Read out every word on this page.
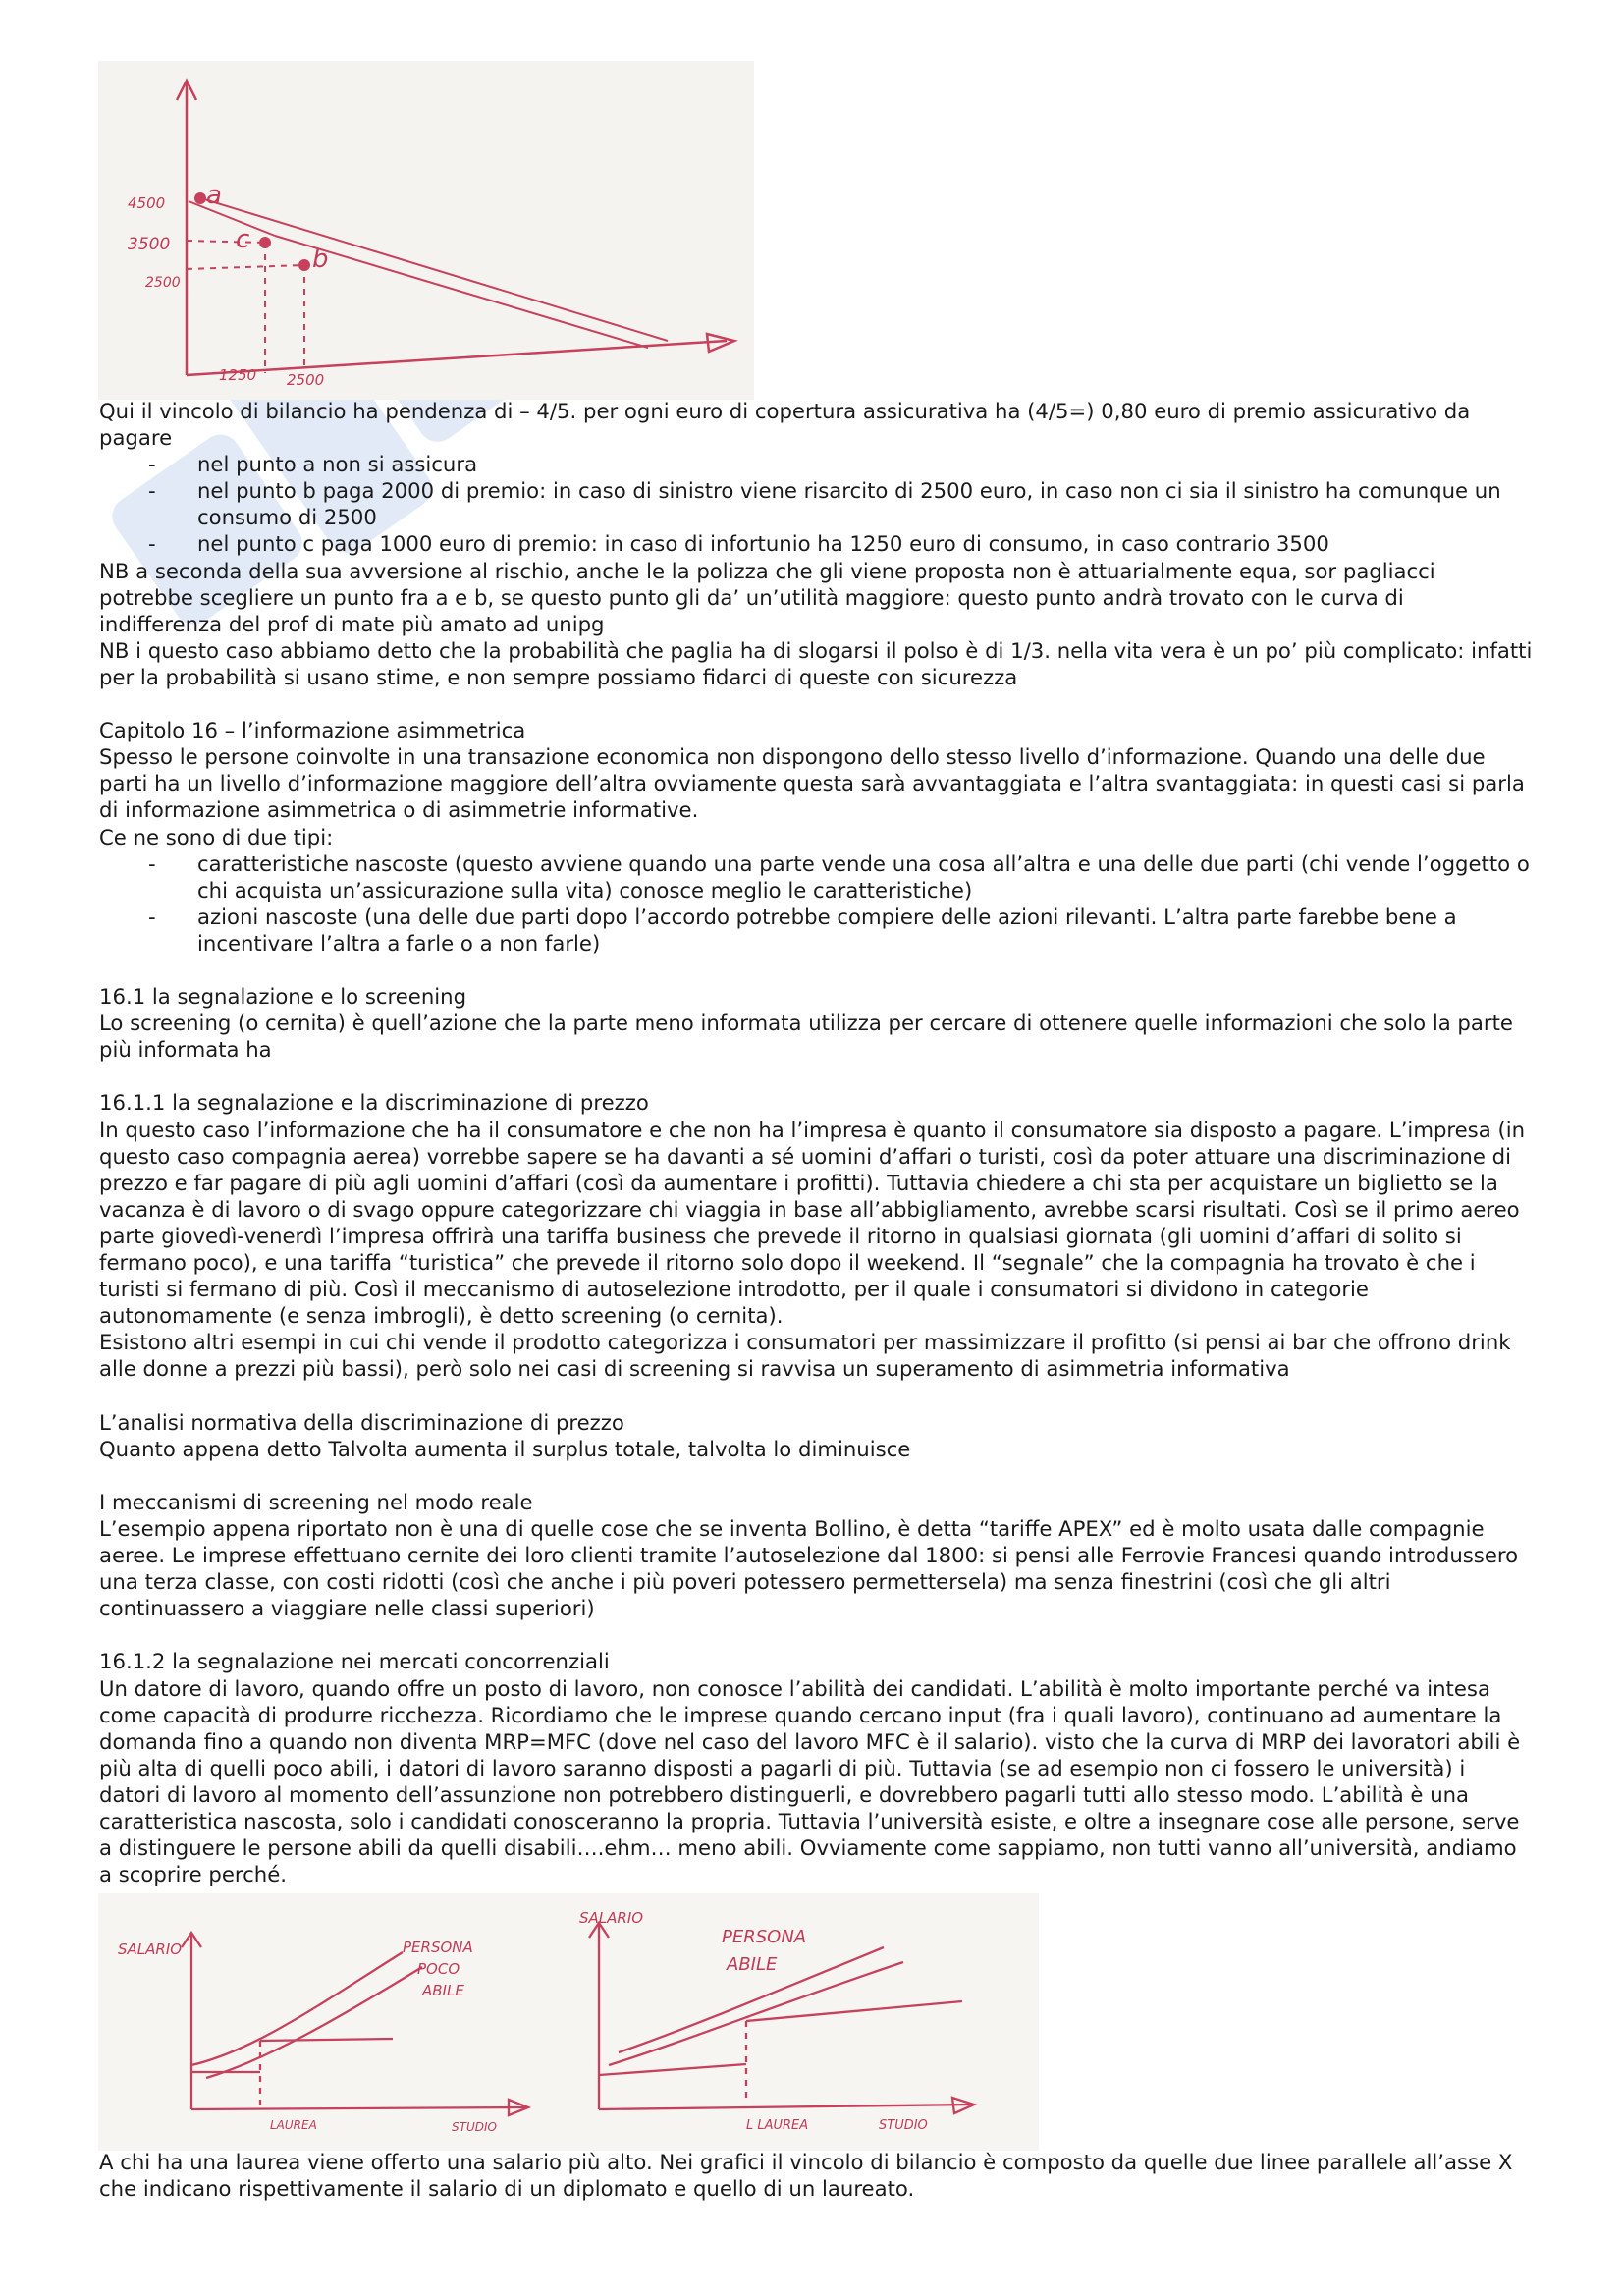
a
b
c
4500
3500
2500
1250 2500

Qui il vincolo di bilancio ha pendenza di – 4/5. per ogni euro di copertura assicurativa ha (4/5=) 0,80 euro di premio assicurativo da pagare

- nel punto a non si assicura

- nel punto b paga 2000 di premio: in caso di sinistro viene risarcito di 2500 euro, in caso non ci sia il sinistro ha comunque un consumo di 2500

- nel punto c paga 1000 euro di premio: in caso di infortunio ha 1250 euro di consumo, in caso contrario 3500

NB a seconda della sua avversione al rischio, anche le la polizza che gli viene proposta non è attuarialmente equa, sor pagliacci potrebbe scegliere un punto fra a e b, se questo punto gli da’ un’utilità maggiore: questo punto andrà trovato con le curva di indifferenza del prof di mate più amato ad unipg

NB i questo caso abbiamo detto che la probabilità che paglia ha di slogarsi il polso è di 1/3. nella vita vera è un po’ più complicato: infatti per la probabilità si usano stime, e non sempre possiamo fidarci di queste con sicurezza

Capitolo 16 – l’informazione asimmetrica

Spesso le persone coinvolte in una transazione economica non dispongono dello stesso livello d’informazione. Quando una delle due parti ha un livello d’informazione maggiore dell’altra ovviamente questa sarà avvantaggiata e l’altra svantaggiata: in questi casi si parla di informazione asimmetrica o di asimmetrie informative.

Ce ne sono di due tipi:

- caratteristiche nascoste (questo avviene quando una parte vende una cosa all’altra e una delle due parti (chi vende l’oggetto o chi acquista un’assicurazione sulla vita) conosce meglio le caratteristiche)

- azioni nascoste (una delle due parti dopo l’accordo potrebbe compiere delle azioni rilevanti. L’altra parte farebbe bene a incentivare l’altra a farle o a non farle)

16.1 la segnalazione e lo screening

Lo screening (o cernita) è quell’azione che la parte meno informata utilizza per cercare di ottenere quelle informazioni che solo la parte più informata ha

16.1.1 la segnalazione e la discriminazione di prezzo

In questo caso l’informazione che ha il consumatore e che non ha l’impresa è quanto il consumatore sia disposto a pagare. L’impresa (in questo caso compagnia aerea) vorrebbe sapere se ha davanti a sé uomini d’affari o turisti, così da poter attuare una discriminazione di prezzo e far pagare di più agli uomini d’affari (così da aumentare i profitti). Tuttavia chiedere a chi sta per acquistare un biglietto se la vacanza è di lavoro o di svago oppure categorizzare chi viaggia in base all’abbigliamento, avrebbe scarsi risultati. Così se il primo aereo parte giovedì-venerdì l’impresa offrirà una tariffa business che prevede il ritorno in qualsiasi giornata (gli uomini d’affari di solito si fermano poco), e una tariffa “turistica” che prevede il ritorno solo dopo il weekend. Il “segnale” che la compagnia ha trovato è che i turisti si fermano di più. Così il meccanismo di autoselezione introdotto, per il quale i consumatori si dividono in categorie autonomamente (e senza imbrogli), è detto screening (o cernita).

Esistono altri esempi in cui chi vende il prodotto categorizza i consumatori per massimizzare il profitto (si pensi ai bar che offrono drink alle donne a prezzi più bassi), però solo nei casi di screening si ravvisa un superamento di asimmetria informativa

L’analisi normativa della discriminazione di prezzo

Quanto appena detto Talvolta aumenta il surplus totale, talvolta lo diminuisce

I meccanismi di screening nel modo reale

L’esempio appena riportato non è una di quelle cose che se inventa Bollino, è detta “tariffe APEX” ed è molto usata dalle compagnie aeree. Le imprese effettuano cernite dei loro clienti tramite l’autoselezione dal 1800: si pensi alle Ferrovie Francesi quando introdussero una terza classe, con costi ridotti (così che anche i più poveri potessero permettersela) ma senza finestrini (così che gli altri continuassero a viaggiare nelle classi superiori)

16.1.2 la segnalazione nei mercati concorrenziali

Un datore di lavoro, quando offre un posto di lavoro, non conosce l’abilità dei candidati. L’abilità è molto importante perché va intesa come capacità di produrre ricchezza. Ricordiamo che le imprese quando cercano input (fra i quali lavoro), continuano ad aumentare la domanda fino a quando non diventa MRP=MFC (dove nel caso del lavoro MFC è il salario). visto che la curva di MRP dei lavoratori abili è più alta di quelli poco abili, i datori di lavoro saranno disposti a pagarli di più. Tuttavia (se ad esempio non ci fossero le università) i datori di lavoro al momento dell’assunzione non potrebbero distinguerli, e dovrebbero pagarli tutti allo stesso modo. L’abilità è una caratteristica nascosta, solo i candidati conosceranno la propria. Tuttavia l’università esiste, e oltre a insegnare cose alle persone, serve a distinguere le persone abili da quelli disabili….ehm… meno abili. Ovviamente come sappiamo, non tutti vanno all’università, andiamo a scoprire perché.

SALARIO	PERSONA
POCO
ABILE
LAUREA	STUDIO
SALARIO
PERSONA
ABILE
L LAUREA	STUDIO

A chi ha una laurea viene offerto una salario più alto. Nei grafici il vincolo di bilancio è composto da quelle due linee parallele all’asse X che indicano rispettivamente il salario di un diplomato e quello di un laureato.
